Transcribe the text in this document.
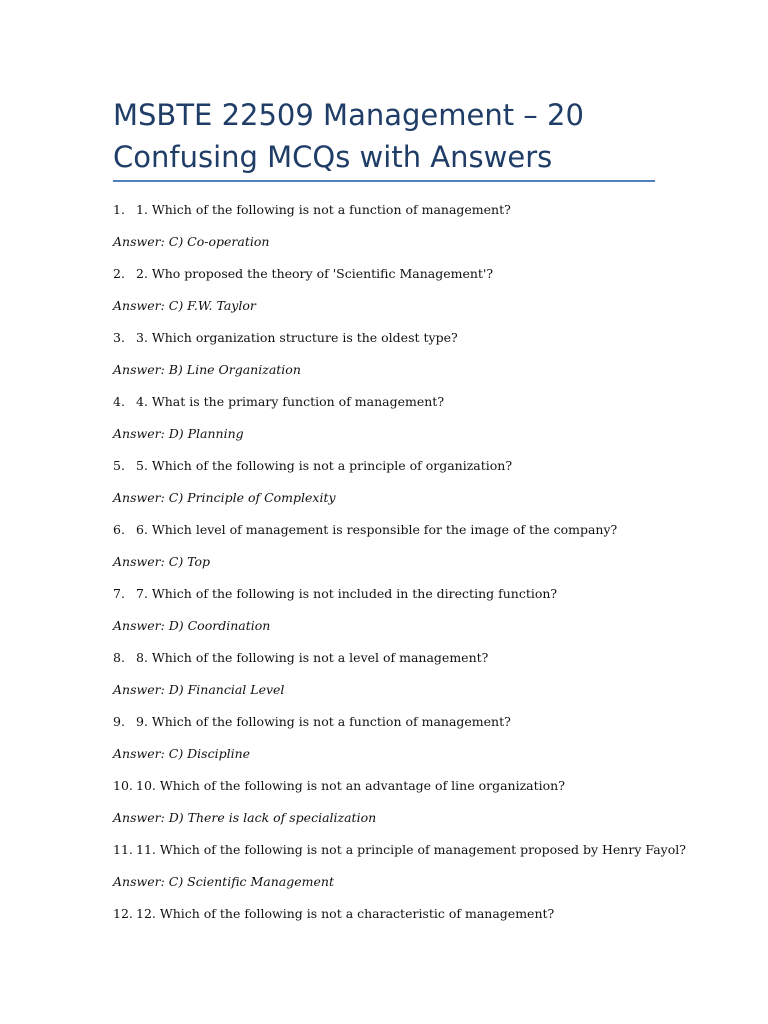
MSBTE 22509 Management – 20 Confusing MCQs with Answers
1. 1. Which of the following is not a function of management?
Answer: C) Co-operation
2. 2. Who proposed the theory of 'Scientific Management'?
Answer: C) F.W. Taylor
3. 3. Which organization structure is the oldest type?
Answer: B) Line Organization
4. 4. What is the primary function of management?
Answer: D) Planning
5. 5. Which of the following is not a principle of organization?
Answer: C) Principle of Complexity
6. 6. Which level of management is responsible for the image of the company?
Answer: C) Top
7. 7. Which of the following is not included in the directing function?
Answer: D) Coordination
8. 8. Which of the following is not a level of management?
Answer: D) Financial Level
9. 9. Which of the following is not a function of management?
Answer: C) Discipline
10. 10. Which of the following is not an advantage of line organization?
Answer: D) There is lack of specialization
11. 11. Which of the following is not a principle of management proposed by Henry Fayol?
Answer: C) Scientific Management
12. 12. Which of the following is not a characteristic of management?
